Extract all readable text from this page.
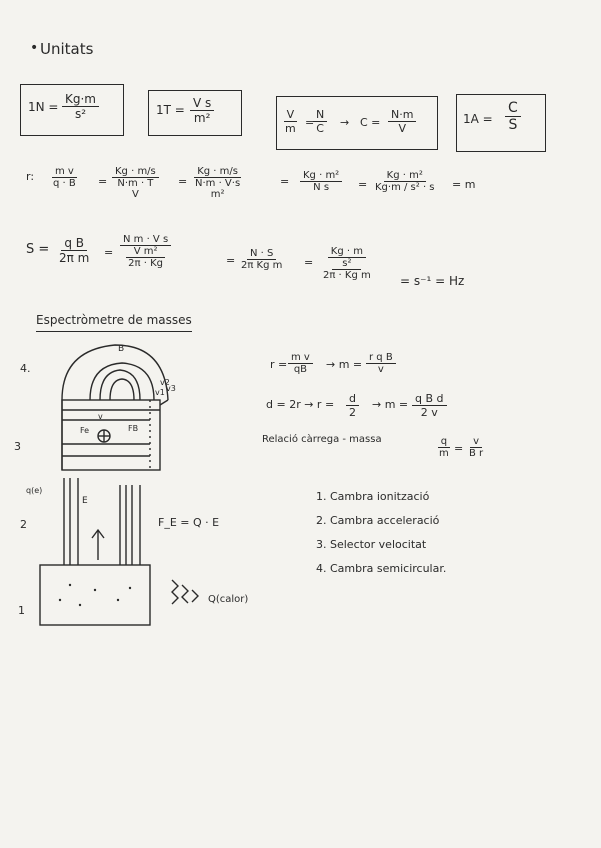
• Unitats
$1N = \frac{Kg\cdot m}{\text{s²}}$	$1T = \frac{\text{V s}}{\text{m²}}$	$\frac{V}{m}$ =
$\frac{N}{C} \to C = \frac{N\cdot m}{V}$	$1A = \frac{C}{S}$
r: $\frac{\text{m v}}{q \cdot B}$ =
Kg · m/s
N·m · T
V
=
Kg · m/s
N·m · V·s
m²
= $\frac{\text{Kg · m²}}{\text{N s}} = \frac{\text{Kg · m²}}{\text{Kg·m / s² · s}} = m$
$S = \frac{\text{q B}}{\text{2π m}}$ =
N m · V s
V m²
2π · Kg	= $\frac{N \cdot S}{\text{2π Kg m}}$ =
Kg · m
s²
2π · Kg m = s⁻¹ = Hz
Espectròmetre de masses
4.
3
2
1
B
v1
v2
v3
FB
Fe
v
q(e)
E
F_E = Q · E
Q(calor)
$r = \frac{\text{m v}}{qB} \to m = \frac{\text{r q B}}{v}$
$d = 2r \to r = \frac{d}{2} \to m = \frac{\text{q B d}}{2 v}$
Relació càrrega - massa	$\frac{q}{m} = \frac{v}{\text{B r}}$
1. Cambra ionització
2. Cambra acceleració
3. Selector velocitat
4. Cambra semicircular.
